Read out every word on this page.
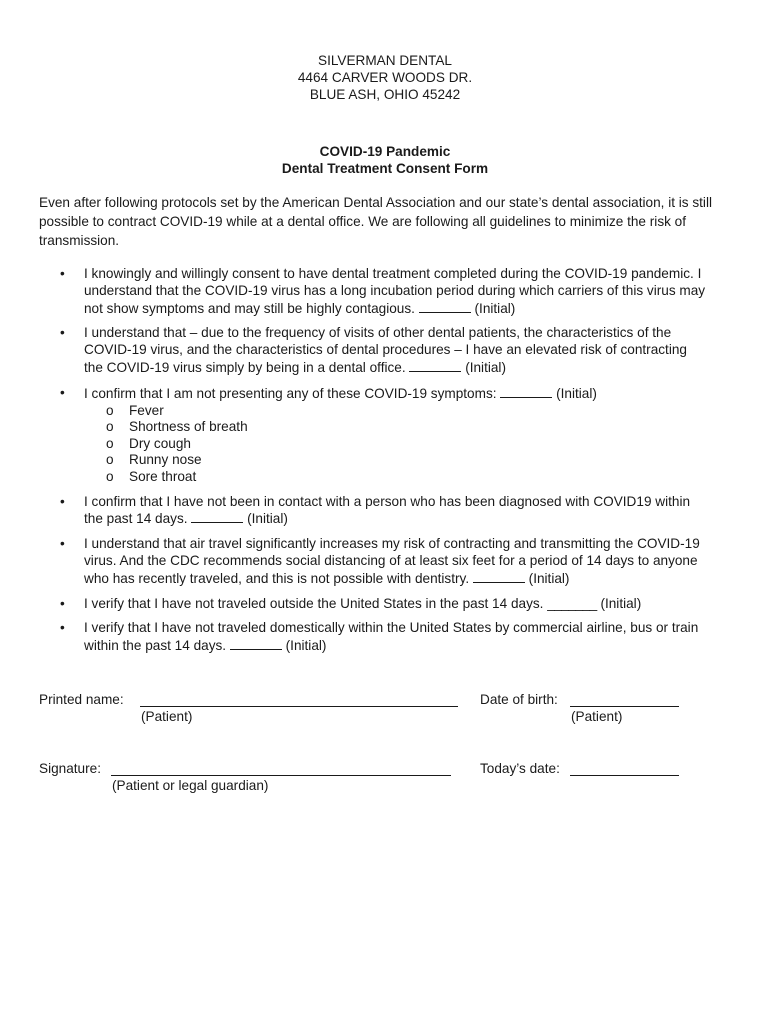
SILVERMAN DENTAL
4464 CARVER WOODS DR.
BLUE ASH, OHIO 45242
COVID-19 Pandemic
Dental Treatment Consent Form
Even after following protocols set by the American Dental Association and our state’s dental association, it is still possible to contract COVID-19 while at a dental office. We are following all guidelines to minimize the risk of transmission.
• I knowingly and willingly consent to have dental treatment completed during the COVID-19 pandemic. I understand that the COVID-19 virus has a long incubation period during which carriers of this virus may not show symptoms and may still be highly contagious.	(Initial)
• I understand that – due to the frequency of visits of other dental patients, the characteristics of the COVID-19 virus, and the characteristics of dental procedures – I have an elevated risk of contracting the COVID-19 virus simply by being in a dental office.	(Initial)
• I confirm that I am not presenting any of these COVID-19 symptoms:	(Initial)
o Fever
o Shortness of breath
o Dry cough
o Runny nose
o Sore throat
• I confirm that I have not been in contact with a person who has been diagnosed with COVID19 within the past 14 days.	(Initial)
• I understand that air travel significantly increases my risk of contracting and transmitting the COVID-19 virus. And the CDC recommends social distancing of at least six feet for a period of 14 days to anyone who has recently traveled, and this is not possible with dentistry.	(Initial)
• I verify that I have not traveled outside the United States in the past 14 days. _______ (Initial)
• I verify that I have not traveled domestically within the United States by commercial airline, bus or train within the past 14 days.	(Initial)
Printed name:
(Patient)
Date of birth:
(Patient)
Signature:
(Patient or legal guardian)
Today’s date:
